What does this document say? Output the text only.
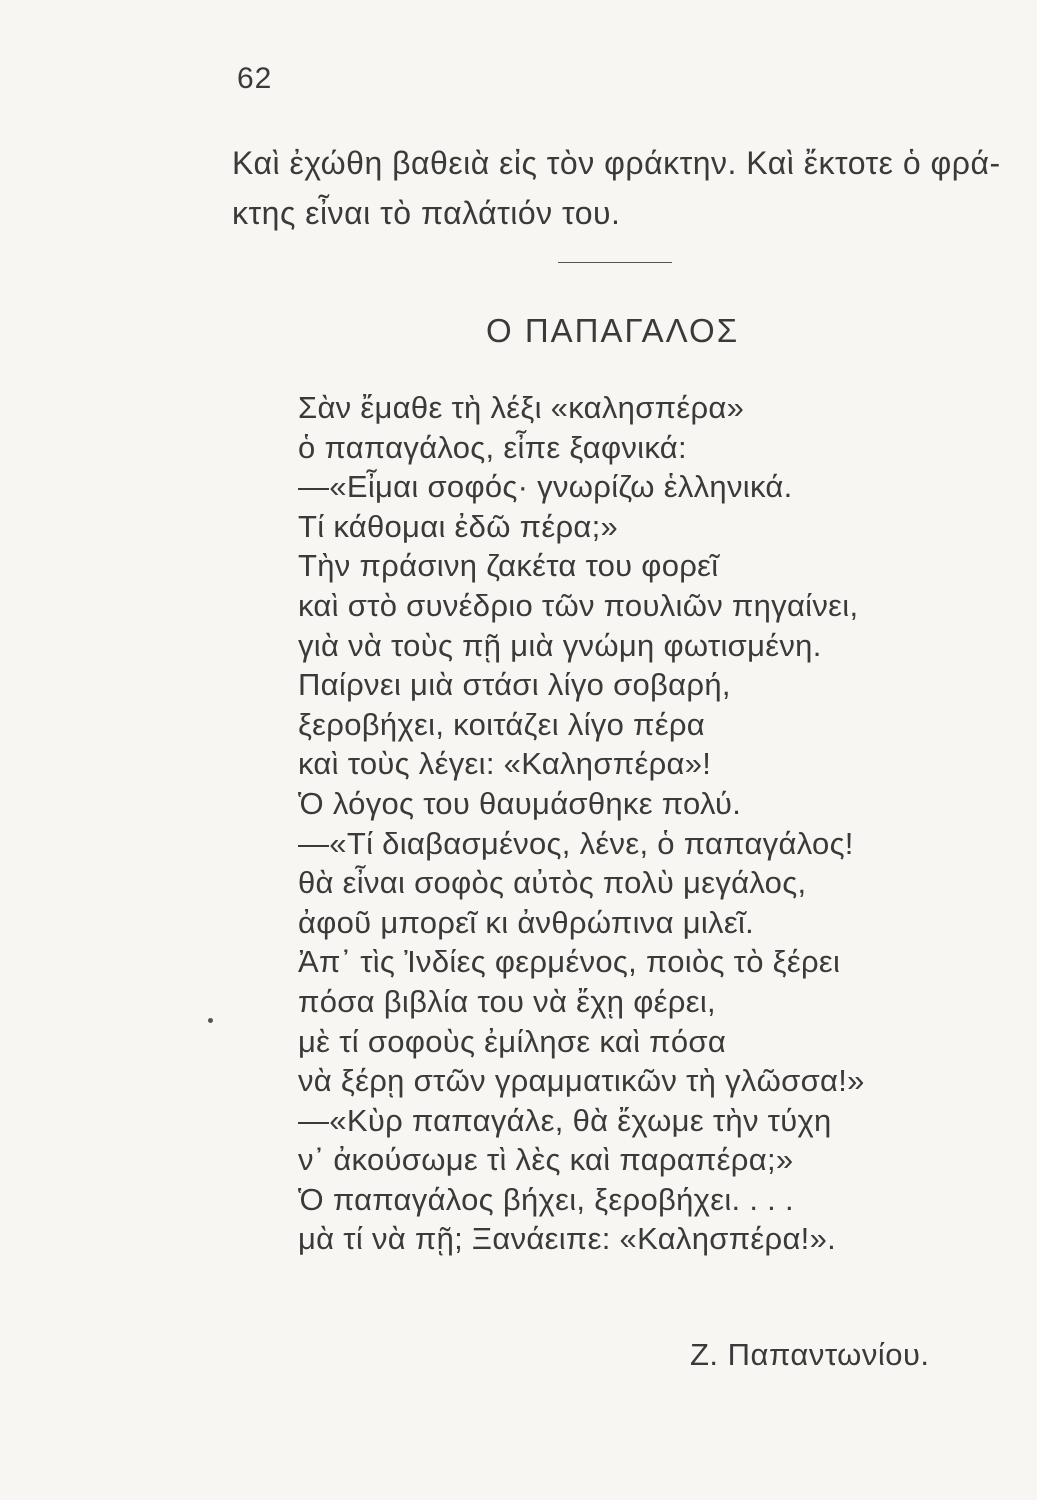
62
Καὶ ἐχώθη βαθειὰ εἰς τὸν φράκτην. Καὶ ἔκτοτε ὁ φρά-
κτης εἶναι τὸ παλάτιόν του.
Ο ΠΑΠΑΓΑΛΟΣ
Σὰν ἔμαθε τὴ λέξι «καλησπέρα»
ὁ παπαγάλος, εἶπε ξαφνικά:
—«Εἶμαι σοφός· γνωρίζω ἑλληνικά.
Τί κάθομαι ἐδῶ πέρα;»
Τὴν πράσινη ζακέτα του φορεῖ
καὶ στὸ συνέδριο τῶν πουλιῶν πηγαίνει,
γιὰ νὰ τοὺς πῇ μιὰ γνώμη φωτισμένη.
Παίρνει μιὰ στάσι λίγο σοβαρή,
ξεροβήχει, κοιτάζει λίγο πέρα
καὶ τοὺς λέγει: «Καλησπέρα»!
Ὁ λόγος του θαυμάσθηκε πολύ.
—«Τί διαβασμένος, λένε, ὁ παπαγάλος!
θὰ εἶναι σοφὸς αὐτὸς πολὺ μεγάλος,
ἀφοῦ μπορεῖ κι ἀνθρώπινα μιλεῖ.
Ἀπ᾿ τὶς Ἰνδίες φερμένος, ποιὸς τὸ ξέρει
πόσα βιβλία του νὰ ἔχῃ φέρει,
μὲ τί σοφοὺς ἐμίλησε καὶ πόσα
νὰ ξέρῃ στῶν γραμματικῶν τὴ γλῶσσα!»
—«Κὺρ παπαγάλε, θὰ ἔχωμε τὴν τύχη
ν᾿ ἀκούσωμε τὶ λὲς καὶ παραπέρα;»
Ὁ παπαγάλος βήχει, ξεροβήχει. . . .
μὰ τί νὰ πῇ; Ξανάειπε: «Καλησπέρα!».
Ζ. Παπαντωνίου.
